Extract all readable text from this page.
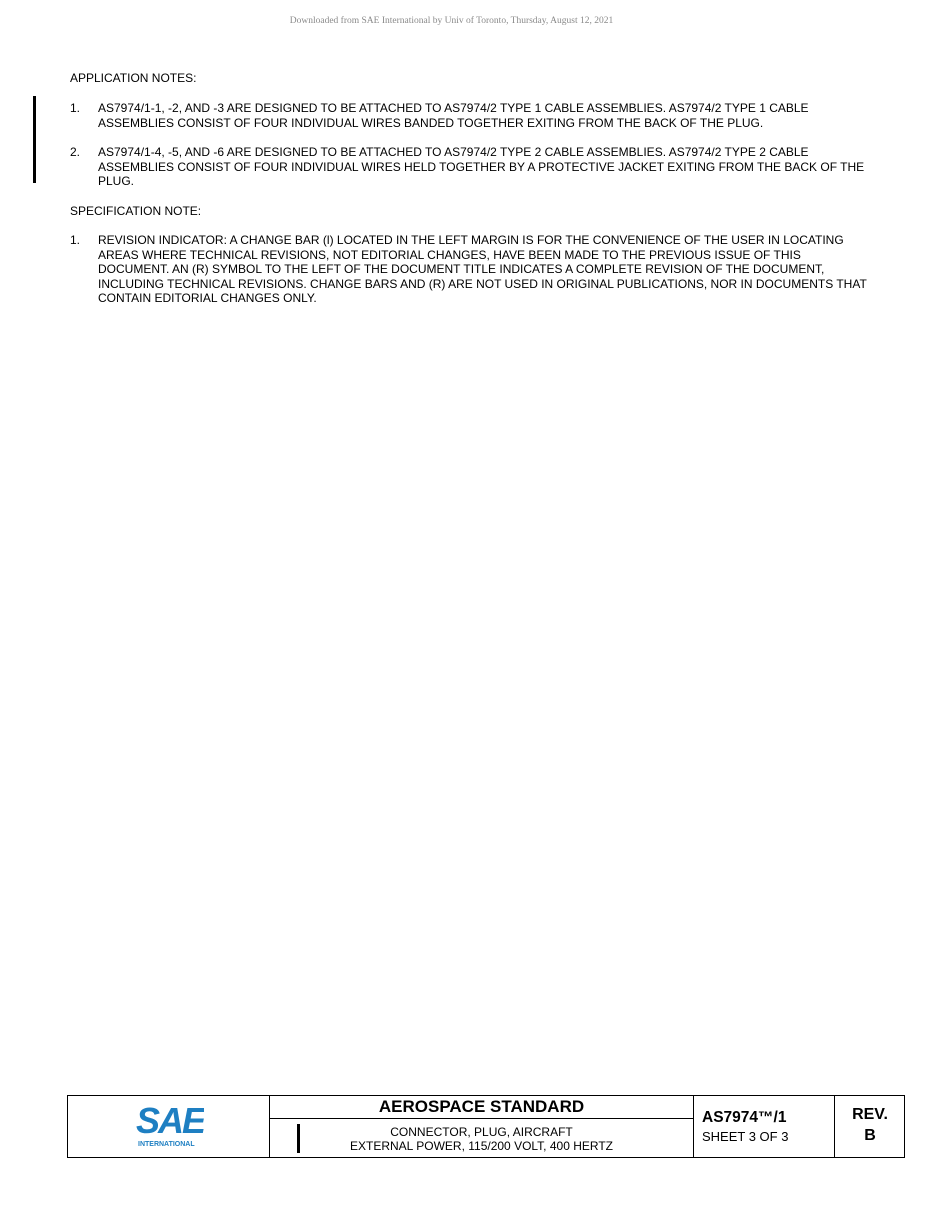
Downloaded from SAE International by Univ of Toronto, Thursday, August 12, 2021
APPLICATION NOTES:
1. AS7974/1-1, -2, AND -3 ARE DESIGNED TO BE ATTACHED TO AS7974/2 TYPE 1 CABLE ASSEMBLIES. AS7974/2 TYPE 1 CABLE ASSEMBLIES CONSIST OF FOUR INDIVIDUAL WIRES BANDED TOGETHER EXITING FROM THE BACK OF THE PLUG.
2. AS7974/1-4, -5, AND -6 ARE DESIGNED TO BE ATTACHED TO AS7974/2 TYPE 2 CABLE ASSEMBLIES. AS7974/2 TYPE 2 CABLE ASSEMBLIES CONSIST OF FOUR INDIVIDUAL WIRES HELD TOGETHER BY A PROTECTIVE JACKET EXITING FROM THE BACK OF THE PLUG.
SPECIFICATION NOTE:
1. REVISION INDICATOR: A CHANGE BAR (l) LOCATED IN THE LEFT MARGIN IS FOR THE CONVENIENCE OF THE USER IN LOCATING AREAS WHERE TECHNICAL REVISIONS, NOT EDITORIAL CHANGES, HAVE BEEN MADE TO THE PREVIOUS ISSUE OF THIS DOCUMENT. AN (R) SYMBOL TO THE LEFT OF THE DOCUMENT TITLE INDICATES A COMPLETE REVISION OF THE DOCUMENT, INCLUDING TECHNICAL REVISIONS. CHANGE BARS AND (R) ARE NOT USED IN ORIGINAL PUBLICATIONS, NOR IN DOCUMENTS THAT CONTAIN EDITORIAL CHANGES ONLY.
SAE
INTERNATIONAL
AEROSPACE STANDARD
CONNECTOR, PLUG, AIRCRAFT
EXTERNAL POWER, 115/200 VOLT, 400 HERTZ
AS7974™/1
SHEET 3 OF 3
REV.
B
